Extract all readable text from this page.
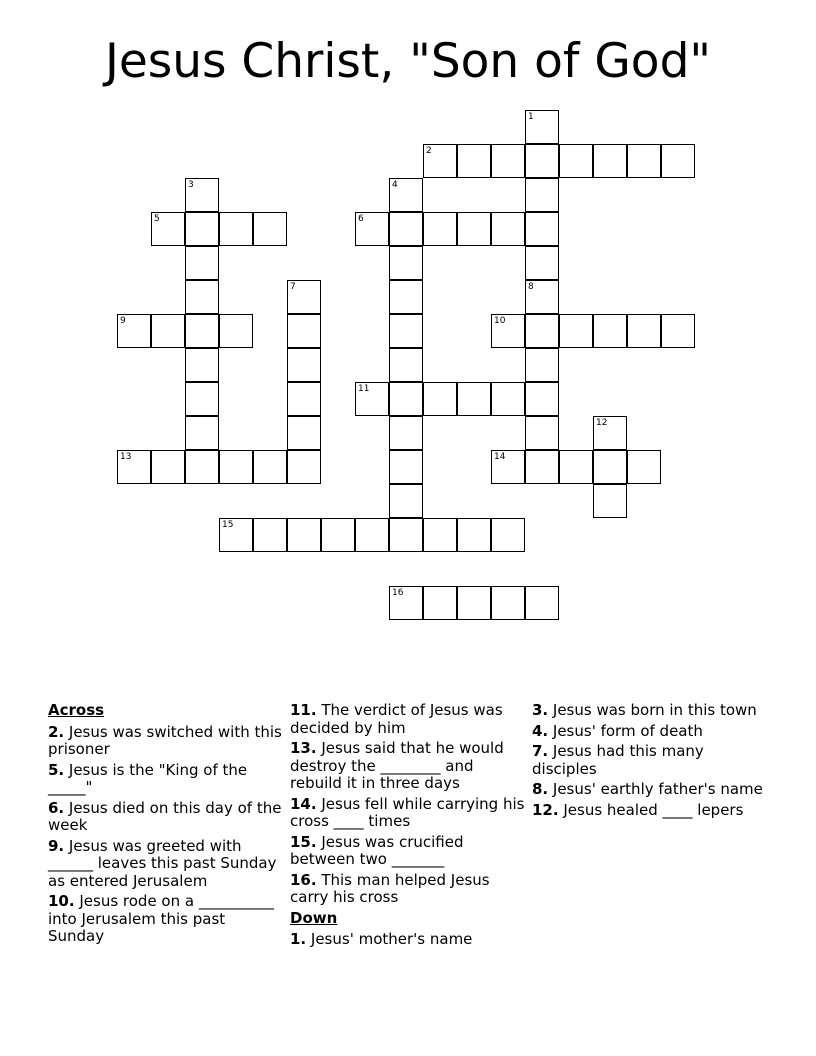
Jesus Christ, "Son of God"
1
8
2
3	4
5	6
7
9	10
11
12
13	14
15
16
Across
2. Jesus was switched with this prisoner
5. Jesus is the "King of the _____"
6. Jesus died on this day of the week
9. Jesus was greeted with ______ leaves this past Sunday as entered Jerusalem
10. Jesus rode on a __________ into Jerusalem this past Sunday
11. The verdict of Jesus was decided by him
13. Jesus said that he would destroy the ________ and rebuild it in three days
14. Jesus fell while carrying his cross ____ times
15. Jesus was crucified between two _______
16. This man helped Jesus carry his cross
Down
1. Jesus' mother's name
3. Jesus was born in this town
4. Jesus' form of death
7. Jesus had this many disciples
8. Jesus' earthly father's name
12. Jesus healed ____ lepers
